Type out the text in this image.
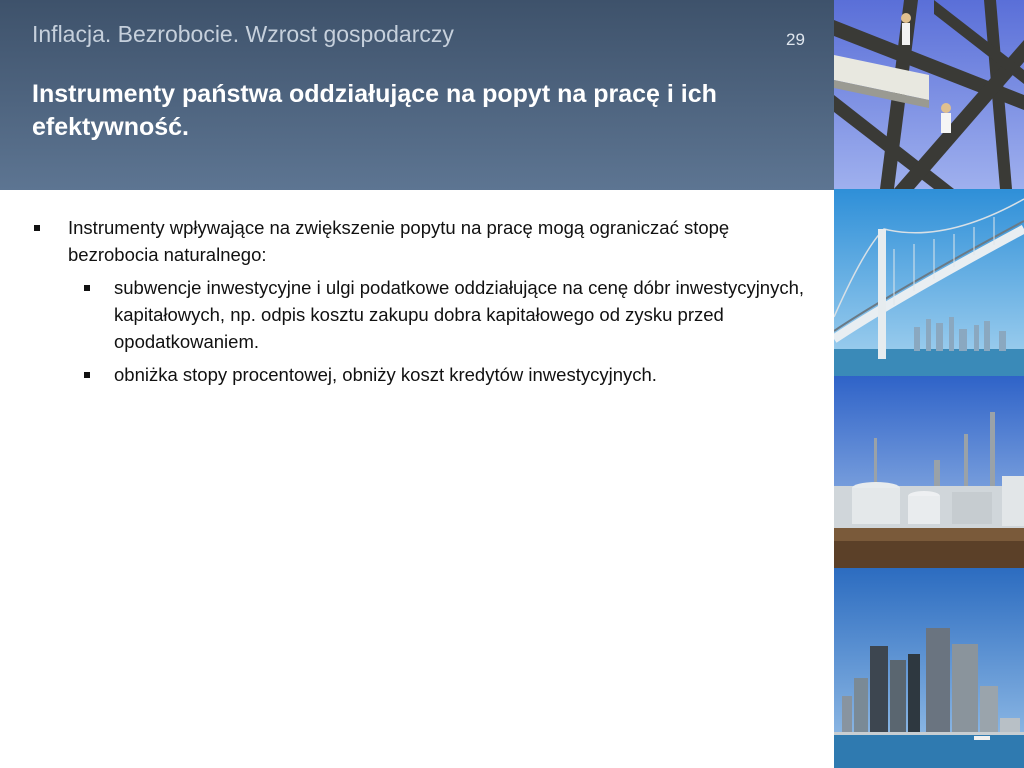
Inflacja. Bezrobocie. Wzrost gospodarczy	29
Instrumenty państwa oddziałujące na popyt na pracę i ich efektywność.
Instrumenty wpływające na zwiększenie popytu na pracę mogą ograniczać stopę bezrobocia naturalnego:
subwencje inwestycyjne i ulgi podatkowe oddziałujące na cenę dóbr inwestycyjnych, kapitałowych, np. odpis kosztu zakupu dobra kapitałowego od zysku przed opodatkowaniem.
obniżka stopy procentowej, obniży koszt kredytów inwestycyjnych.
